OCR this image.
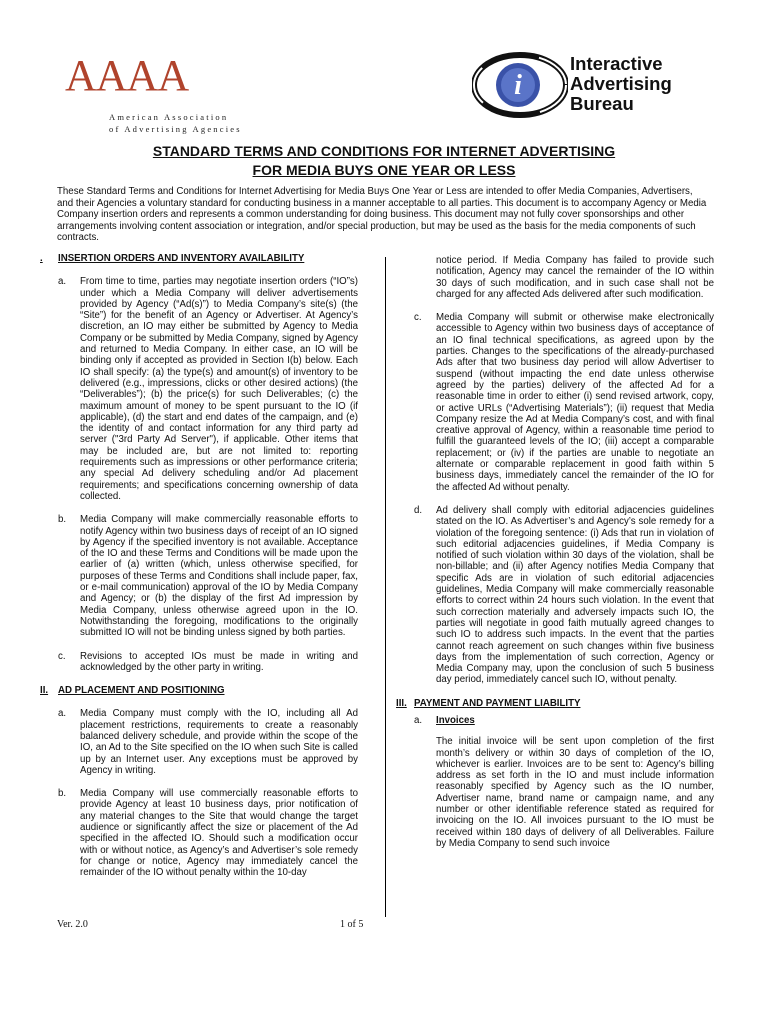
AAAA
American Association
of Advertising Agencies
i
Interactive
Advertising
Bureau
STANDARD TERMS AND CONDITIONS FOR INTERNET ADVERTISING
FOR MEDIA BUYS ONE YEAR OR LESS
These Standard Terms and Conditions for Internet Advertising for Media Buys One Year or Less are intended to offer Media Companies, Advertisers, and their Agencies a voluntary standard for conducting business in a manner acceptable to all parties. This document is to accompany Agency or Media Company insertion orders and represents a common understanding for doing business. This document may not fully cover sponsorships and other arrangements involving content association or integration, and/or special production, but may be used as the basis for the media components of such contracts.
.	INSERTION ORDERS AND INVENTORY AVAILABILITY
a.	From time to time, parties may negotiate insertion orders (“IO”s) under which a Media Company will deliver advertisements provided by Agency (“Ad(s)”) to Media Company’s site(s) (the “Site”) for the benefit of an Agency or Advertiser. At Agency’s discretion, an IO may either be submitted by Agency to Media Company or be submitted by Media Company, signed by Agency and returned to Media Company. In either case, an IO will be binding only if accepted as provided in Section I(b) below. Each IO shall specify: (a) the type(s) and amount(s) of inventory to be delivered (e.g., impressions, clicks or other desired actions) (the “Deliverables”); (b) the price(s) for such Deliverables; (c) the maximum amount of money to be spent pursuant to the IO (if applicable), (d) the start and end dates of the campaign, and (e) the identity of and contact information for any third party ad server ("3rd Party Ad Server"), if applicable. Other items that may be included are, but are not limited to: reporting requirements such as impressions or other performance criteria; any special Ad delivery scheduling and/or Ad placement requirements; and specifications concerning ownership of data collected.
b.	Media Company will make commercially reasonable efforts to notify Agency within two business days of receipt of an IO signed by Agency if the specified inventory is not available. Acceptance of the IO and these Terms and Conditions will be made upon the earlier of (a) written (which, unless otherwise specified, for purposes of these Terms and Conditions shall include paper, fax, or e-mail communication) approval of the IO by Media Company and Agency; or (b) the display of the first Ad impression by Media Company, unless otherwise agreed upon in the IO. Notwithstanding the foregoing, modifications to the originally submitted IO will not be binding unless signed by both parties.
c.	Revisions to accepted IOs must be made in writing and acknowledged by the other party in writing.
II.	AD PLACEMENT AND POSITIONING
a.	Media Company must comply with the IO, including all Ad placement restrictions, requirements to create a reasonably balanced delivery schedule, and provide within the scope of the IO, an Ad to the Site specified on the IO when such Site is called up by an Internet user. Any exceptions must be approved by Agency in writing.
b.	Media Company will use commercially reasonable efforts to provide Agency at least 10 business days, prior notification of any material changes to the Site that would change the target audience or significantly affect the size or placement of the Ad specified in the affected IO. Should such a modification occur with or without notice, as Agency’s and Advertiser’s sole remedy for change or notice, Agency may immediately cancel the remainder of the IO without penalty within the 10-day
notice period. If Media Company has failed to provide such notification, Agency may cancel the remainder of the IO within 30 days of such modification, and in such case shall not be charged for any affected Ads delivered after such modification.
c.	Media Company will submit or otherwise make electronically accessible to Agency within two business days of acceptance of an IO final technical specifications, as agreed upon by the parties. Changes to the specifications of the already-purchased Ads after that two business day period will allow Advertiser to suspend (without impacting the end date unless otherwise agreed by the parties) delivery of the affected Ad for a reasonable time in order to either (i) send revised artwork, copy, or active URLs (“Advertising Materials”); (ii) request that Media Company resize the Ad at Media Company’s cost, and with final creative approval of Agency, within a reasonable time period to fulfill the guaranteed levels of the IO; (iii) accept a comparable replacement; or (iv) if the parties are unable to negotiate an alternate or comparable replacement in good faith within 5 business days, immediately cancel the remainder of the IO for the affected Ad without penalty.
d.	Ad delivery shall comply with editorial adjacencies guidelines stated on the IO. As Advertiser’s and Agency’s sole remedy for a violation of the foregoing sentence: (i) Ads that run in violation of such editorial adjacencies guidelines, if Media Company is notified of such violation within 30 days of the violation, shall be non-billable; and (ii) after Agency notifies Media Company that specific Ads are in violation of such editorial adjacencies guidelines, Media Company will make commercially reasonable efforts to correct within 24 hours such violation. In the event that such correction materially and adversely impacts such IO, the parties will negotiate in good faith mutually agreed changes to such IO to address such impacts. In the event that the parties cannot reach agreement on such changes within five business days from the implementation of such correction, Agency or Media Company may, upon the conclusion of such 5 business day period, immediately cancel such IO, without penalty.
III. PAYMENT AND PAYMENT LIABILITY
a.	Invoices
The initial invoice will be sent upon completion of the first month’s delivery or within 30 days of completion of the IO, whichever is earlier. Invoices are to be sent to: Agency’s billing address as set forth in the IO and must include information reasonably specified by Agency such as the IO number, Advertiser name, brand name or campaign name, and any number or other identifiable reference stated as required for invoicing on the IO. All invoices pursuant to the IO must be received within 180 days of delivery of all Deliverables. Failure by Media Company to send such invoice
Ver. 2.0	1 of 5
